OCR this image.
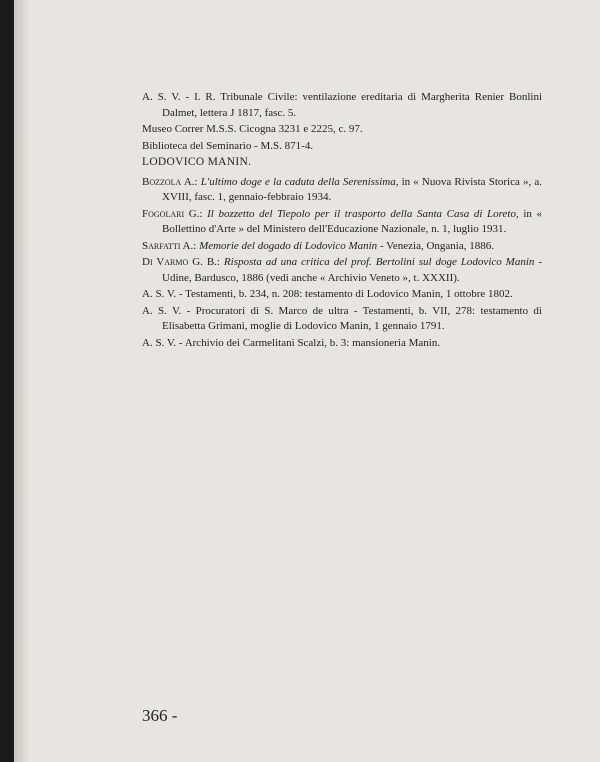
A. S. V. - I. R. Tribunale Civile: ventilazione ereditaria di Margherita Renier Bonlini Dalmet, lettera J 1817, fasc. 5.

Museo Correr M.S.S. Cicogna 3231 e 2225, c. 97.

Biblioteca del Seminario - M.S. 871-4.

LODOVICO MANIN.

Bozzola A.: L'ultimo doge e la caduta della Serenissima, in « Nuova Rivista Storica », a. XVIII, fasc. 1, gennaio-febbraio 1934.

Fogolari G.: Il bozzetto del Tiepolo per il trasporto della Santa Casa di Loreto, in « Bollettino d'Arte » del Ministero dell'Educazione Nazionale, n. 1, luglio 1931.

Sarfatti A.: Memorie del dogado di Lodovico Manin - Venezia, Ongania, 1886.

Di Varmo G. B.: Risposta ad una critica del prof. Bertolini sul doge Lodovico Manin - Udine, Bardusco, 1886 (vedi anche « Archivio Veneto », t. XXXII).

A. S. V. - Testamenti, b. 234, n. 208: testamento di Lodovico Manin, 1 ottobre 1802.

A. S. V. - Procuratori di S. Marco de ultra - Testamenti, b. VII, 278: testamento di Elisabetta Grimani, moglie di Lodovico Manin, 1 gennaio 1791.

A. S. V. - Archivio dei Carmelitani Scalzi, b. 3: mansioneria Manin.

366 -
